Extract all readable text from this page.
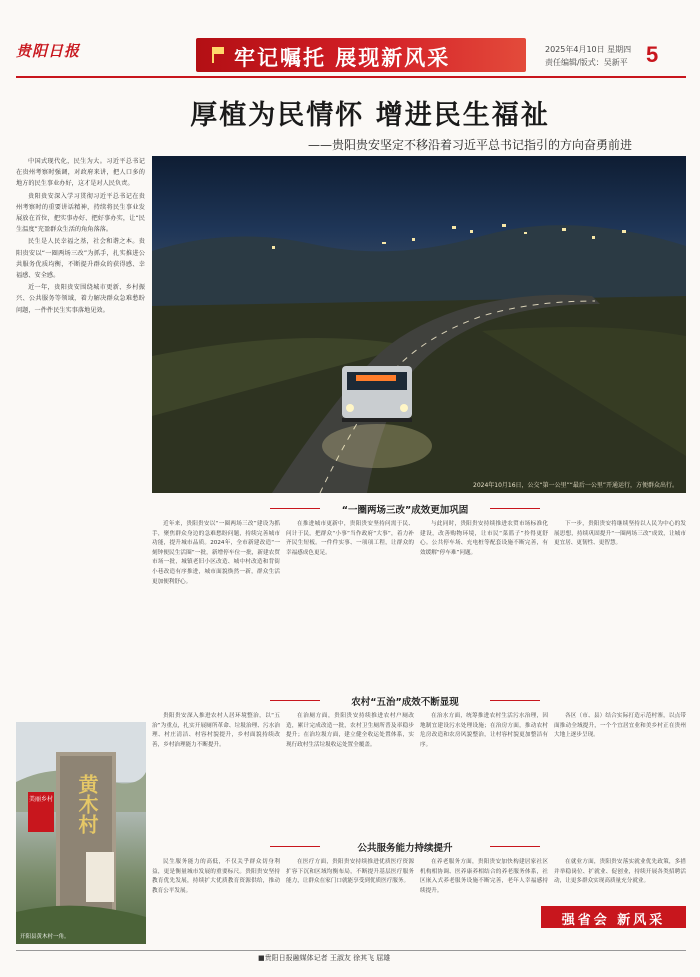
贵阳日报	牢记嘱托 展现新风采	2025年4月10日 星期四
责任编辑/版式：吴新平 5
厚植为民情怀 增进民生福祉
——贵阳贵安坚定不移沿着习近平总书记指引的方向奋勇前进

中国式现代化，民生为大。习近平总书记在贵州考察时强调，对政府来讲，把人口多的地方的民生事业办好，这才是对人民负责。

贵阳贵安深入学习贯彻习近平总书记在贵州考察时的重要讲话精神，持续将民生事业发展放在首位，把实事办好、把好事办实，让“民生温度”充盈群众生活的角角落落。

民生是人民幸福之基，社会和谐之本。贵阳贵安以“一圈两场三改”为抓手，扎实推进公共服务优质均衡，不断提升群众的获得感、幸福感、安全感。

近一年，贵阳贵安围绕城市更新、乡村振兴、公共服务等领域，着力解决群众急难愁盼问题，一件件民生实事落地见效。

2024年10月16日，公交“第一公里”“最后一公里”开通运行，方便群众出行。
“一圈两场三改”成效更加巩固

近年来，贵阳贵安以“一圈两场三改”建设为抓手，聚焦群众身边的急难愁盼问题，持续完善城市功能，提升城市品质。2024年，全市新建改造“一刻钟便民生活圈”一批，新增停车位一批，新建农贸市场一批，城镇老旧小区改造、城中村改造和背街小巷改造有序推进，城市面貌焕然一新，群众生活更加便利舒心。

在推进城市更新中，贵阳贵安坚持问需于民、问计于民，把群众“小事”当作政府“大事”，着力补齐民生短板。一件件实事、一项项工程，让群众的幸福感成色更足。

与此同时，贵阳贵安持续推进农贸市场标准化建设，改善购物环境，让市民“菜篮子”拎得更舒心。公共停车场、充电桩等配套设施不断完善，有效缓解“停车难”问题。

下一步，贵阳贵安将继续坚持以人民为中心的发展思想，持续巩固提升“一圈两场三改”成效，让城市更宜居、更韧性、更智慧。

农村“五治”成效不断显现

贵阳贵安深入推进农村人居环境整治，以“五治”为重点，扎实开展厕所革命、垃圾治理、污水治理、村庄清洁、村容村貌提升，乡村面貌持续改善，乡村治理能力不断提升。

在治厕方面，贵阳贵安持续推进农村户厕改造，累计完成改造一批，农村卫生厕所普及率稳步提升；在治垃圾方面，建立健全收运处置体系，实现行政村生活垃圾收运处置全覆盖。

在治水方面，统筹推进农村生活污水治理，因地制宜建设污水处理设施；在治房方面，推动农村危房改造和农房风貌整治，让村容村貌更加整洁有序。

各区（市、县）结合实际打造示范村寨，以点带面推动全域提升，一个个宜居宜业和美乡村正在贵州大地上逐步呈现。

公共服务能力持续提升

民生服务能力的高低，不仅关乎群众切身利益，更是衡量城市发展的重要标尺。贵阳贵安坚持教育优先发展，持续扩大优质教育资源供给，推动教育公平发展。

在医疗方面，贵阳贵安持续推进优质医疗资源扩容下沉和区域均衡布局，不断提升基层医疗服务能力，让群众在家门口就能享受到优质医疗服务。

在养老服务方面，贵阳贵安加快构建居家社区机构相协调、医养康养相结合的养老服务体系，社区嵌入式养老服务设施不断完善，老年人幸福感持续提升。

在就业方面，贵阳贵安落实就业优先政策，多措并举稳岗位、扩就业、促创业，持续开展各类招聘活动，让更多群众实现高质量充分就业。

美丽乡村	黄木村
开阳县黄木村一角。
强省会 新风采
■贵阳日报融媒体记者 王淑友 徐其飞 屈雄
